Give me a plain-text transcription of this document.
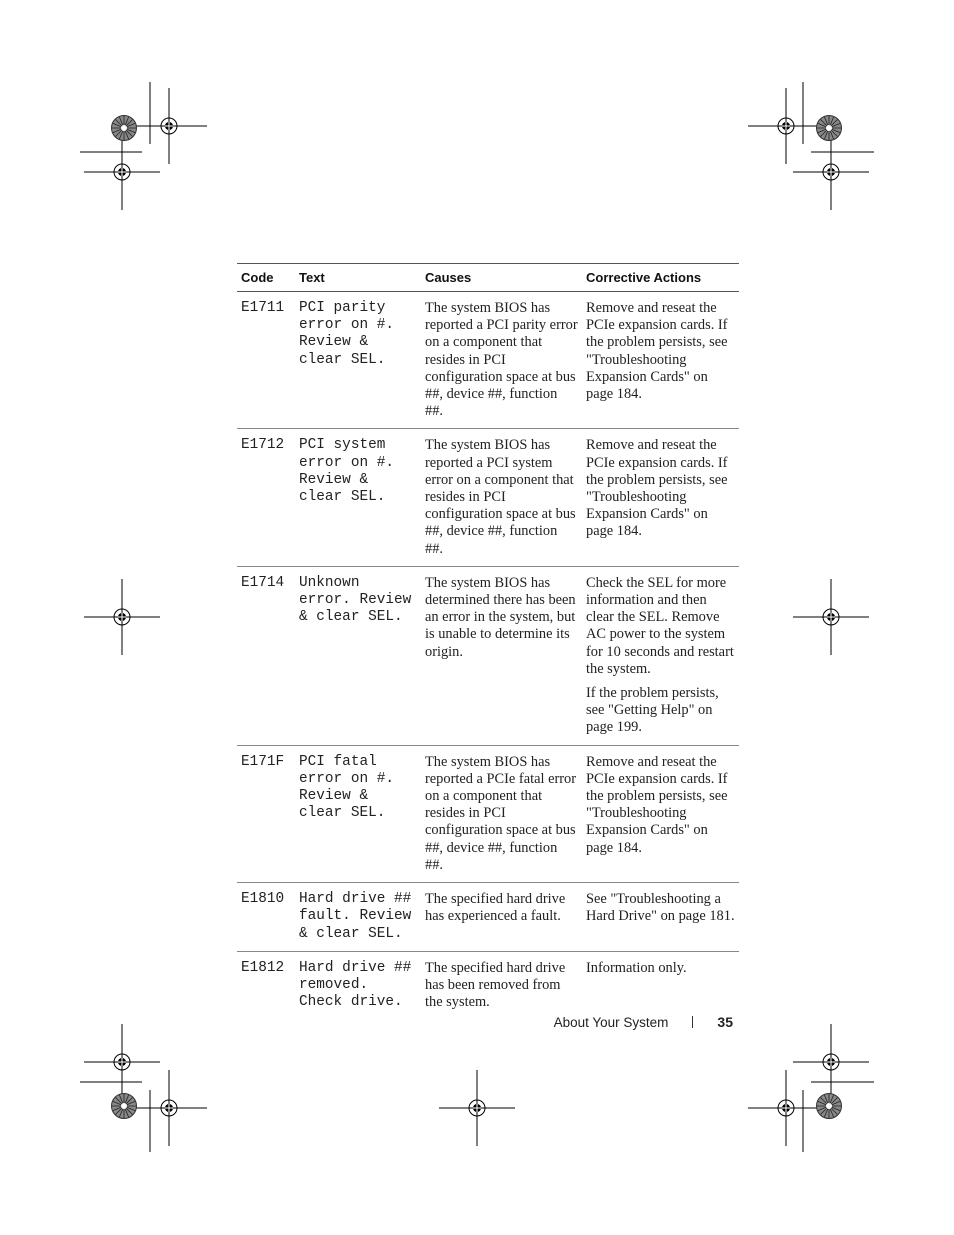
Code	Text	Causes	Corrective Actions
E1711	PCI parity error on #. Review & clear SEL.	The system BIOS has reported a PCI parity error on a component that resides in PCI configuration space at bus ##, device ##, function ##.	Remove and reseat the PCIe expansion cards. If the problem persists, see "Troubleshooting Expansion Cards" on page 184.

E1712	PCI system error on #. Review & clear SEL.	The system BIOS has reported a PCI system error on a component that resides in PCI configuration space at bus ##, device ##, function ##.	Remove and reseat the PCIe expansion cards. If the problem persists, see "Troubleshooting Expansion Cards" on page 184.

E1714	Unknown error. Review & clear SEL.	The system BIOS has determined there has been an error in the system, but is unable to determine its origin.	Check the SEL for more information and then clear the SEL. Remove AC power to the system for 10 seconds and restart the system.

If the problem persists, see "Getting Help" on page 199.

E171F	PCI fatal error on #. Review & clear SEL.	The system BIOS has reported a PCIe fatal error on a component that resides in PCI configuration space at bus ##, device ##, function ##.	Remove and reseat the PCIe expansion cards. If the problem persists, see "Troubleshooting Expansion Cards" on page 184.

E1810	Hard drive ## fault. Review & clear SEL.	The specified hard drive has experienced a fault.	See "Troubleshooting a Hard Drive" on page 181.

E1812	Hard drive ## removed. Check drive.	The specified hard drive has been removed from the system.	Information only.

About Your System	35
